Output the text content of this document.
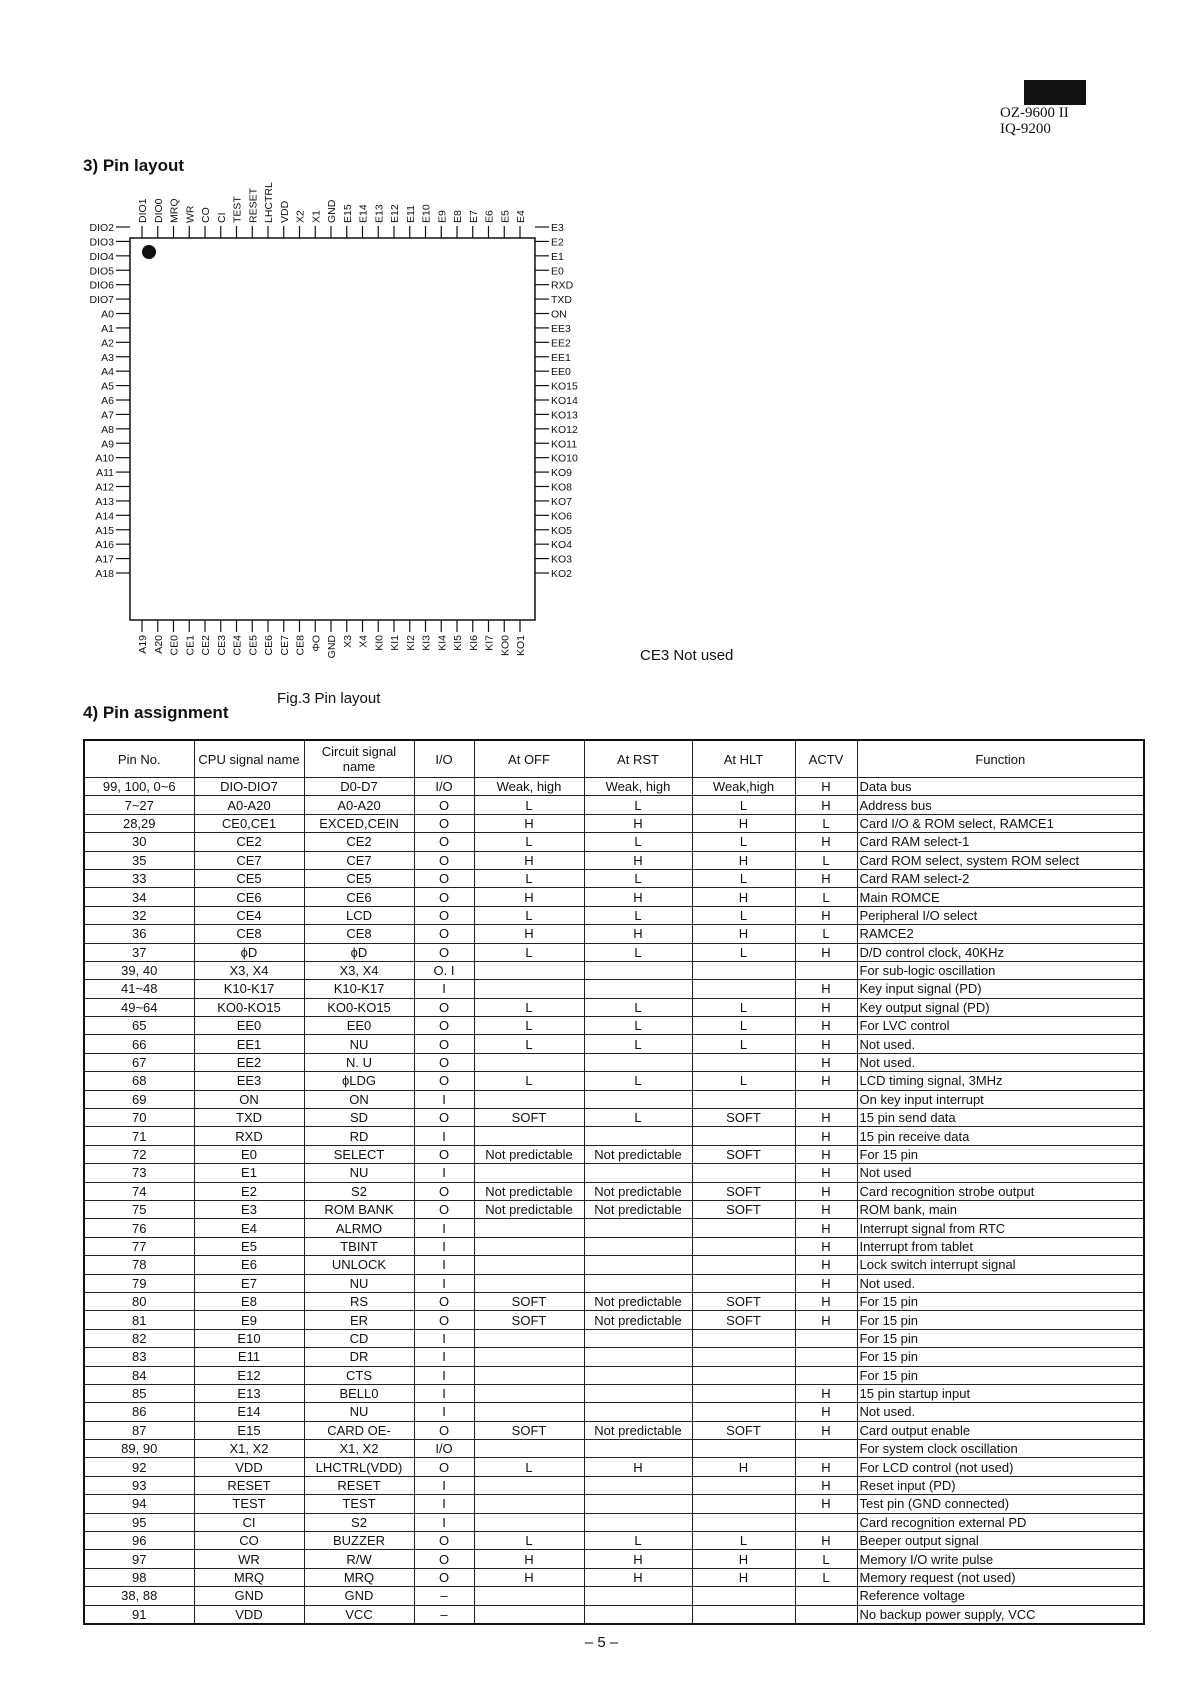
OZ-9600 II
IQ-9200
3) Pin layout
DIO1 DIO0 MRQ WR CO CI TEST RESET LHCTRL VDD X2 X1 GND E15 E14 E13 E12 E11 E10 E9 E8 E7 E6 E5 E4
DIO2
DIO3
DIO4
DIO5
DIO6
DIO7
A0
A1
A2
A3
A4
A5
A6
A7
A8
A9
A10
A11
A12
A13
A14
A15
A16
A17
A18
E3
E2
E1
E0
RXD
TXD
ON
EE3
EE2
EE1
EE0
KO15
KO14
KO13
KO12
KO11
KO10
KO9
KO8
KO7
KO6
KO5
KO4
KO3
KO2
A19 A20 CE0 CE1 CE2 CE3 CE4 CE5 CE6 CE7 CE8 ΦO GND X3 X4 KI0 KI1 KI2 KI3 KI4 KI5 KI6 KI7 KO0 KO1	CE3 Not used
Fig.3 Pin layout
4) Pin assignment
Pin No.	CPU signal name	Circuit signal name	I/O	At OFF	At RST	At HLT	ACTV	Function
99, 100, 0~6	DIO-DIO7	D0-D7	I/O	Weak, high	Weak, high	Weak,high	H	Data bus
7~27	A0-A20	A0-A20	O	L	L	L	H	Address bus
28,29	CE0,CE1	EXCED,CEIN	O	H	H	H	L	Card I/O & ROM select, RAMCE1
30	CE2	CE2	O	L	L	L	H	Card RAM select-1
35	CE7	CE7	O	H	H	H	L	Card ROM select, system ROM select
33	CE5	CE5	O	L	L	L	H	Card RAM select-2
34	CE6	CE6	O	H	H	H	L	Main ROMCE
32	CE4	LCD	O	L	L	L	H	Peripheral I/O select
36	CE8	CE8	O	H	H	H	L	RAMCE2
37	ϕD	ϕD	O	L	L	L	H	D/D control clock, 40KHz
39, 40	X3, X4	X3, X4	O. I					For sub-logic oscillation
41~48	K10-K17	K10-K17	I				H	Key input signal (PD)
49~64	KO0-KO15	KO0-KO15	O	L	L	L	H	Key output signal (PD)
65	EE0	EE0	O	L	L	L	H	For LVC control
66	EE1	NU	O	L	L	L	H	Not used.
67	EE2	N. U	O				H	Not used.
68	EE3	ϕLDG	O	L	L	L	H	LCD timing signal, 3MHz
69	ON	ON	I					On key input interrupt
70	TXD	SD	O	SOFT	L	SOFT	H	15 pin send data
71	RXD	RD	I				H	15 pin receive data
72	E0	SELECT	O	Not predictable	Not predictable	SOFT	H	For 15 pin
73	E1	NU	I				H	Not used
74	E2	S2	O	Not predictable	Not predictable	SOFT	H	Card recognition strobe output
75	E3	ROM BANK	O	Not predictable	Not predictable	SOFT	H	ROM bank, main
76	E4	ALRMO	I				H	Interrupt signal from RTC
77	E5	TBINT	I				H	Interrupt from tablet
78	E6	UNLOCK	I				H	Lock switch interrupt signal
79	E7	NU	I				H	Not used.
80	E8	RS	O	SOFT	Not predictable	SOFT	H	For 15 pin
81	E9	ER	O	SOFT	Not predictable	SOFT	H	For 15 pin
82	E10	CD	I					For 15 pin
83	E11	DR	I					For 15 pin
84	E12	CTS	I					For 15 pin
85	E13	BELL0	I				H	15 pin startup input
86	E14	NU	I				H	Not used.
87	E15	CARD OE-	O	SOFT	Not predictable	SOFT	H	Card output enable
89, 90	X1, X2	X1, X2	I/O					For system clock oscillation
92	VDD	LHCTRL(VDD)	O	L	H	H	H	For LCD control (not used)
93	RESET	RESET	I				H	Reset input (PD)
94	TEST	TEST	I				H	Test pin (GND connected)
95	CI	S2	I					Card recognition external PD
96	CO	BUZZER	O	L	L	L	H	Beeper output signal
97	WR	R/W	O	H	H	H	L	Memory I/O write pulse
98	MRQ	MRQ	O	H	H	H	L	Memory request (not used)
38, 88	GND	GND	–					Reference voltage
91	VDD	VCC	–					No backup power supply, VCC
– 5 –
